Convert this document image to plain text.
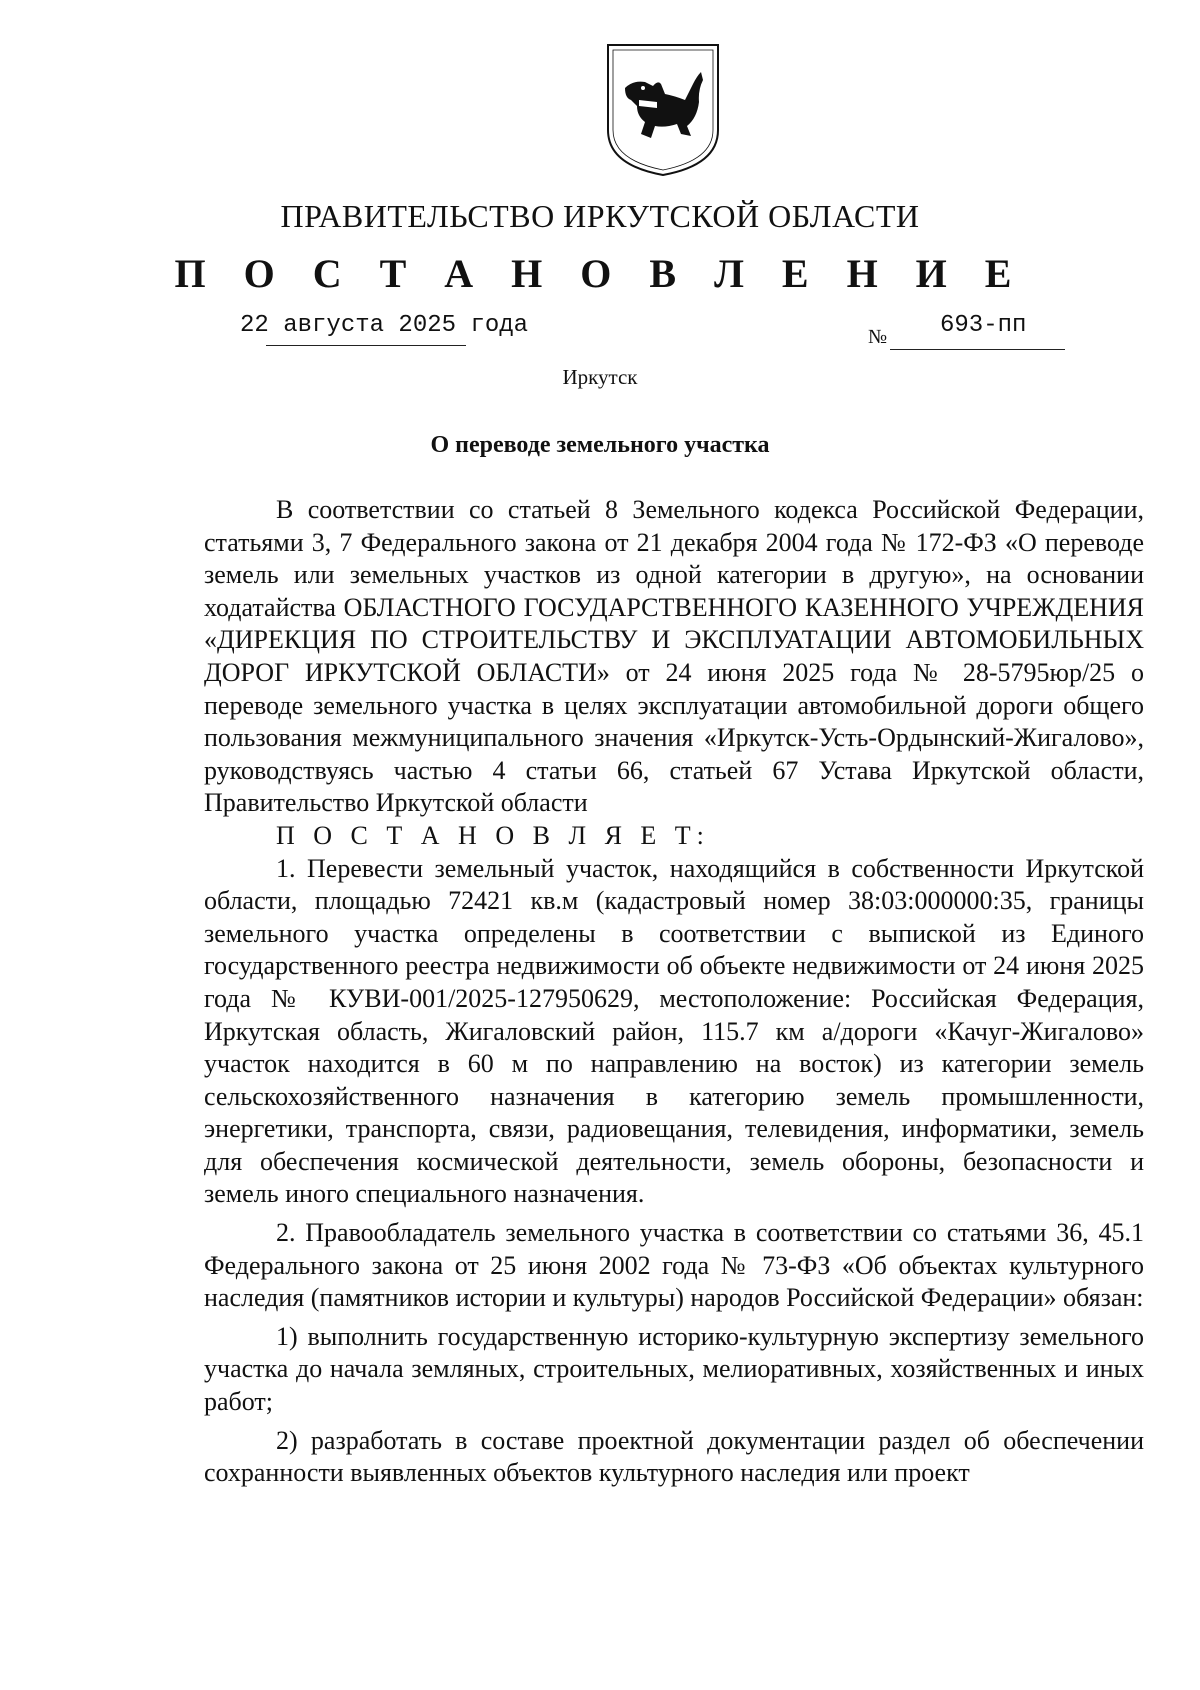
ПРАВИТЕЛЬСТВО ИРКУТСКОЙ ОБЛАСТИ
П О С Т А Н О В Л Е Н И Е
22 августа 2025 года	№ 693-пп
Иркутск
О переводе земельного участка

В соответствии со статьей 8 Земельного кодекса Российской Федерации, статьями 3, 7 Федерального закона от 21 декабря 2004 года № 172-ФЗ «О переводе земель или земельных участков из одной категории в другую», на основании ходатайства ОБЛАСТНОГО ГОСУДАРСТВЕННОГО КАЗЕННОГО УЧРЕЖДЕНИЯ «ДИРЕКЦИЯ ПО СТРОИТЕЛЬСТВУ И ЭКСПЛУАТАЦИИ АВТОМОБИЛЬНЫХ ДОРОГ ИРКУТСКОЙ ОБЛАСТИ» от 24 июня 2025 года № 28-5795юр/25 о переводе земельного участка в целях эксплуатации автомобильной дороги общего пользования межмуниципального значения «Иркутск-Усть-Ордынский-Жигалово», руководствуясь частью 4 статьи 66, статьей 67 Устава Иркутской области, Правительство Иркутской области

П О С Т А Н О В Л Я Е Т:

1. Перевести земельный участок, находящийся в собственности Иркутской области, площадью 72421 кв.м (кадастровый номер 38:03:000000:35, границы земельного участка определены в соответствии с выпиской из Единого государственного реестра недвижимости об объекте недвижимости от 24 июня 2025 года № КУВИ-001/2025-127950629, местоположение: Российская Федерация, Иркутская область, Жигаловский район, 115.7 км а/дороги «Качуг-Жигалово» участок находится в 60 м по направлению на восток) из категории земель сельскохозяйственного назначения в категорию земель промышленности, энергетики, транспорта, связи, радиовещания, телевидения, информатики, земель для обеспечения космической деятельности, земель обороны, безопасности и земель иного специального назначения.

2. Правообладатель земельного участка в соответствии со статьями 36, 45.1 Федерального закона от 25 июня 2002 года № 73-ФЗ «Об объектах культурного наследия (памятников истории и культуры) народов Российской Федерации» обязан:

1) выполнить государственную историко-культурную экспертизу земельного участка до начала земляных, строительных, мелиоративных, хозяйственных и иных работ;

2) разработать в составе проектной документации раздел об обеспечении сохранности выявленных объектов культурного наследия или проект
